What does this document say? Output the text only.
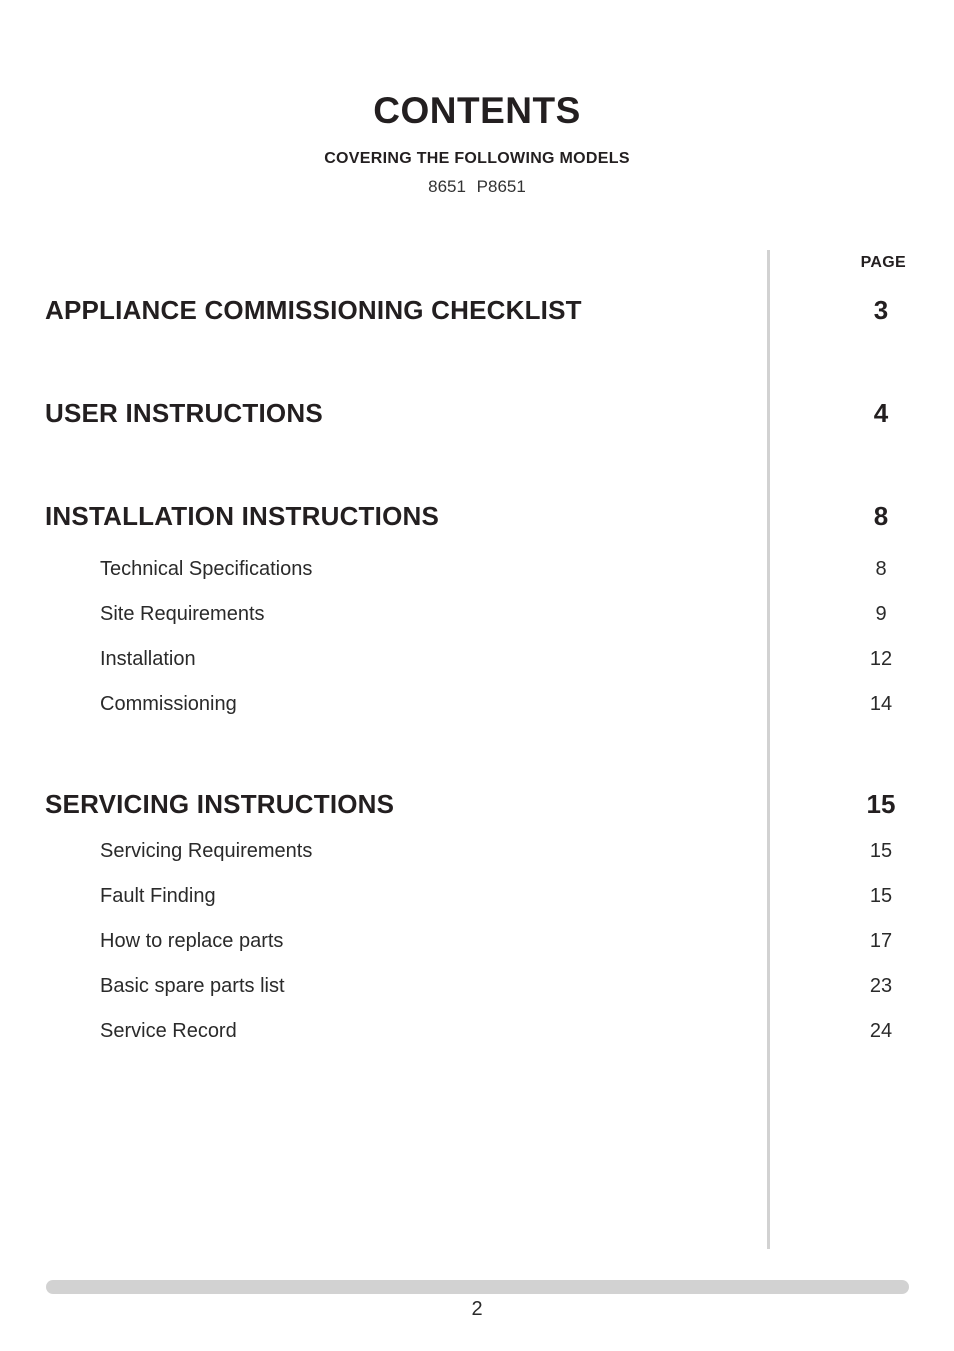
CONTENTS
COVERING THE FOLLOWING MODELS
8651 P8651
PAGE
APPLIANCE COMMISSIONING CHECKLIST	3
USER INSTRUCTIONS	4
INSTALLATION INSTRUCTIONS	8
Technical Specifications	8
Site Requirements	9
Installation	12
Commissioning	14
SERVICING INSTRUCTIONS	15
Servicing Requirements	15
Fault Finding	15
How to replace parts	17
Basic spare parts list	23
Service Record	24
2
